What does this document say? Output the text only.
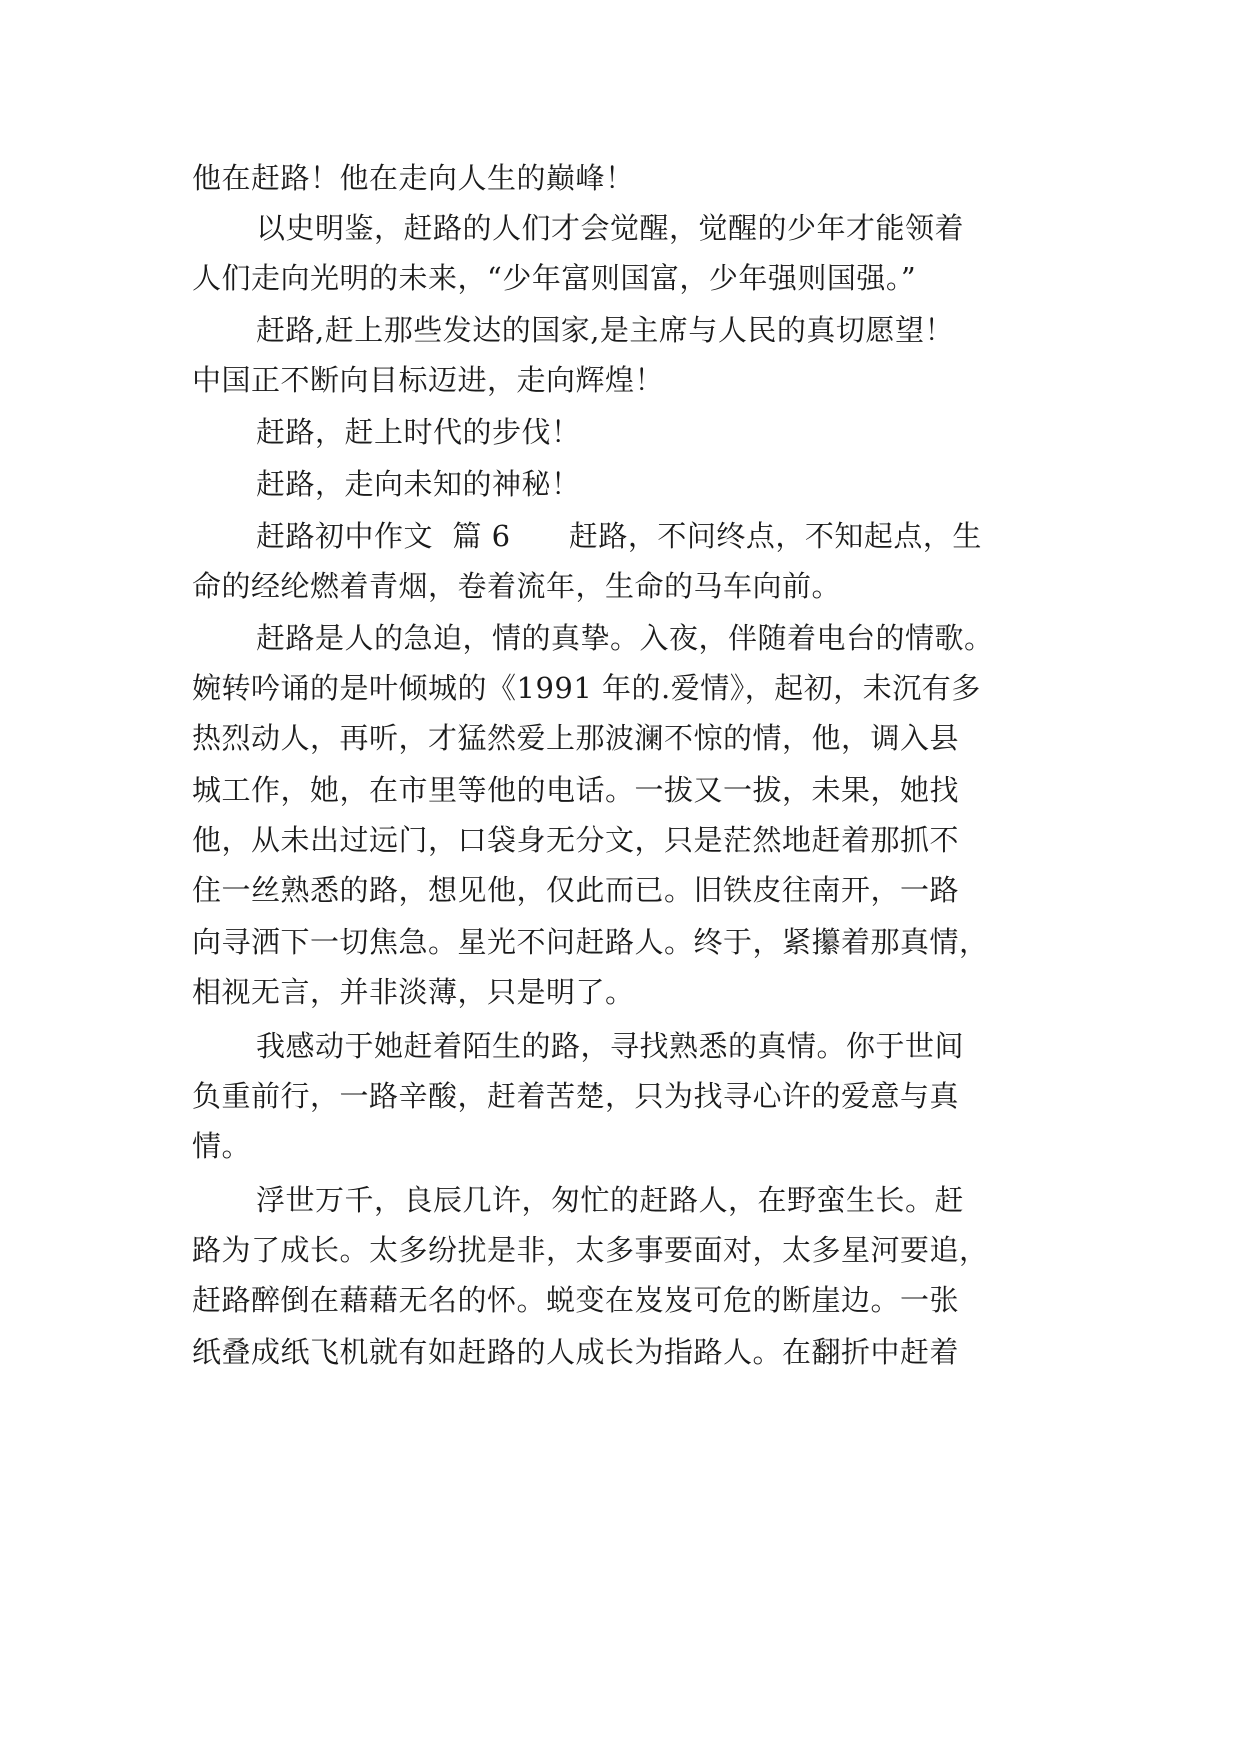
他在赶路！他在走向人生的巅峰！
以史明鉴，赶路的人们才会觉醒，觉醒的少年才能领着
人们走向光明的未来，“少年富则国富，少年强则国强。”
赶路,赶上那些发达的国家,是主席与人民的真切愿望！
中国正不断向目标迈进，走向辉煌！
赶路，赶上时代的步伐！
赶路，走向未知的神秘！
赶路初中作文  篇 6      赶路，不问终点，不知起点，生
命的经纶燃着青烟，卷着流年，生命的马车向前。
赶路是人的急迫，情的真挚。入夜，伴随着电台的情歌。
婉转吟诵的是叶倾城的《1991 年的.爱情》，起初，未沉有多
热烈动人，再听，才猛然爱上那波澜不惊的情，他，调入县
城工作，她，在市里等他的电话。一拔又一拔，未果，她找
他，从未出过远门，口袋身无分文，只是茫然地赶着那抓不
住一丝熟悉的路，想见他，仅此而已。旧铁皮往南开，一路
向寻洒下一切焦急。星光不问赶路人。终于，紧攥着那真情，
相视无言，并非淡薄，只是明了。
我感动于她赶着陌生的路，寻找熟悉的真情。你于世间
负重前行，一路辛酸，赶着苦楚，只为找寻心许的爱意与真
情。
浮世万千，良辰几许，匆忙的赶路人，在野蛮生长。赶
路为了成长。太多纷扰是非，太多事要面对，太多星河要追，
赶路醉倒在藉藉无名的怀。蜕变在岌岌可危的断崖边。一张
纸叠成纸飞机就有如赶路的人成长为指路人。在翻折中赶着
